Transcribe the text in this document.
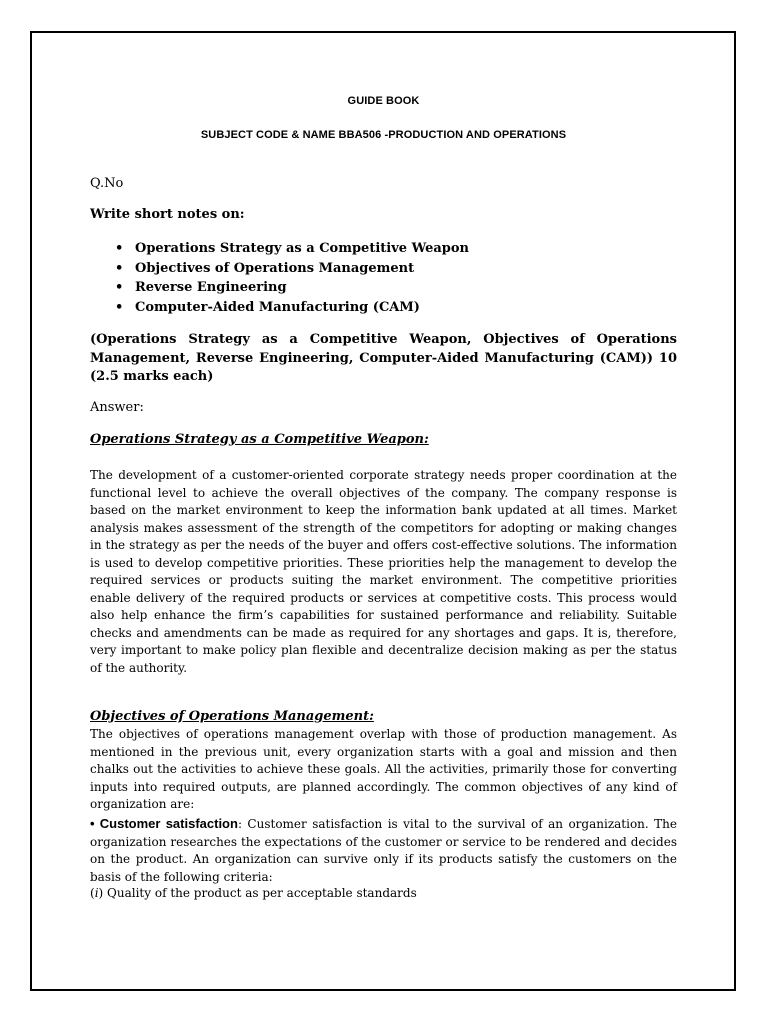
GUIDE BOOK
SUBJECT CODE & NAME BBA506 -PRODUCTION AND OPERATIONS
Q.No
Write short notes on:
• Operations Strategy as a Competitive Weapon
• Objectives of Operations Management
• Reverse Engineering
• Computer-Aided Manufacturing (CAM)
(Operations Strategy as a Competitive Weapon, Objectives of Operations Management, Reverse Engineering, Computer-Aided Manufacturing (CAM)) 10 (2.5 marks each)
Answer:
Operations Strategy as a Competitive Weapon:
The development of a customer-oriented corporate strategy needs proper coordination at the functional level to achieve the overall objectives of the company. The company response is based on the market environment to keep the information bank updated at all times. Market analysis makes assessment of the strength of the competitors for adopting or making changes in the strategy as per the needs of the buyer and offers cost-effective solutions. The information is used to develop competitive priorities. These priorities help the management to develop the required services or products suiting the market environment. The competitive priorities enable delivery of the required products or services at competitive costs. This process would also help enhance the firm’s capabilities for sustained performance and reliability. Suitable checks and amendments can be made as required for any shortages and gaps. It is, therefore, very important to make policy plan flexible and decentralize decision making as per the status of the authority.
Objectives of Operations Management:
The objectives of operations management overlap with those of production management. As mentioned in the previous unit, every organization starts with a goal and mission and then chalks out the activities to achieve these goals. All the activities, primarily those for converting inputs into required outputs, are planned accordingly. The common objectives of any kind of organization are:
• Customer satisfaction: Customer satisfaction is vital to the survival of an organization. The organization researches the expectations of the customer or service to be rendered and decides on the product. An organization can survive only if its products satisfy the customers on the basis of the following criteria:
(i) Quality of the product as per acceptable standards
